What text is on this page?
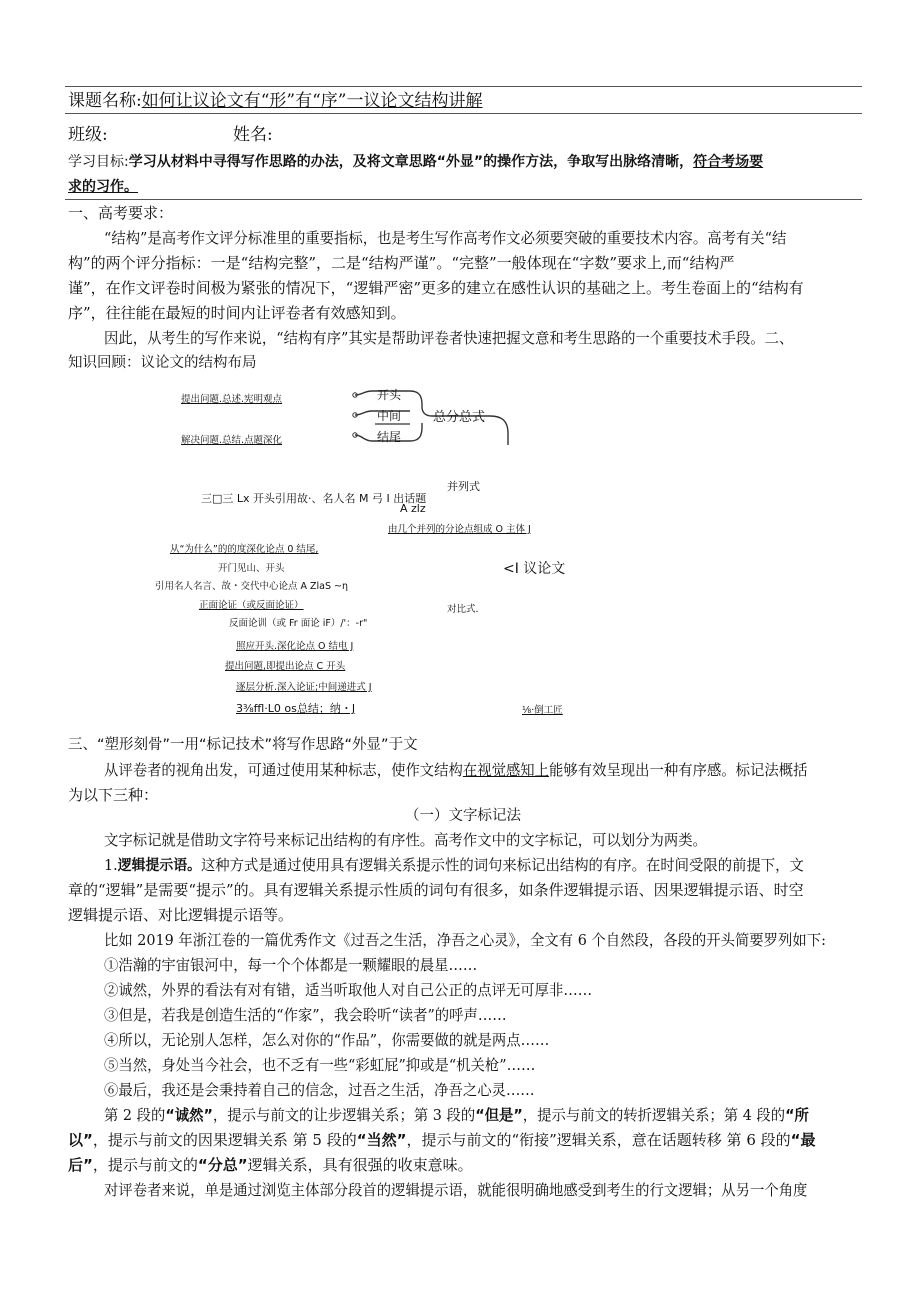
课题名称:如何让议论文有“形”有“序”一议论文结构讲解
班级:	姓名:
学习目标:学习从材料中寻得写作思路的办法，及将文章思路“外显”的操作方法，争取写出脉络清晰，符合考场要
求的习作。
一、高考要求：
“结构”是高考作文评分标准里的重要指标，也是考生写作高考作文必须要突破的重要技术内容。高考有关“结
构”的两个评分指标：一是“结构完整”，二是“结构严谨”。“完整”一般体现在“字数”要求上,而“结构严
谨”，在作文评卷时间极为紧张的情况下，“逻辑严密”更多的建立在感性认识的基础之上。考生卷面上的“结构有
序”，往往能在最短的时间内让评卷者有效感知到。
因此，从考生的写作来说，“结构有序”其实是帮助评卷者快速把握文意和考生思路的一个重要技术手段。二、
知识回顾：议论文的结构布局
提出问题.总述.宪明观点
解决问题.总结.点题深化
开头
中间
结尾
总分总式
并列式
三□三 Lx 开头引用故·、名人名 M 弓 I 出话题
A zlz
由几个并列的分论点组成 O 主体 J
从“为什么”的的度深化论点 0 结尾,
开门见山、开头	<I 议论文
引用名人名言、故・交代中心论点 A ZlaS ~η
正面论证（或反面论证）	对比式．
反面论训（或 Fr 面论 iF）/'：-r"
照应开头.深化论点 O 结电 J
提出问题,即提出论点 C 开头
逐层分析.深入论证;中间递进式 J
3⅜ffl·L0 os总结；纳・J	⅛·倒工匠
三、“塑形刻骨”一用“标记技术”将写作思路“外显”于文
从评卷者的视角出发，可通过使用某种标志，使作文结构在视觉感知上能够有效呈现出一种有序感。标记法概括
为以下三种：
（一）文字标记法
文字标记就是借助文字符号来标记出结构的有序性。高考作文中的文字标记，可以划分为两类。
1.逻辑提示语。这种方式是通过使用具有逻辑关系提示性的词句来标记出结构的有序。在时间受限的前提下，文
章的“逻辑”是需要“提示”的。具有逻辑关系提示性质的词句有很多，如条件逻辑提示语、因果逻辑提示语、时空
逻辑提示语、对比逻辑提示语等。
比如 2019 年浙江卷的一篇优秀作文《过吾之生活，净吾之心灵》，全文有 6 个自然段，各段的开头简要罗列如下:
①浩瀚的宇宙银河中，每一个个体都是一颗耀眼的晨星……
②诚然，外界的看法有对有错，适当听取他人对自己公正的点评无可厚非……
③但是，若我是创造生活的“作家”，我会聆听“读者”的呼声……
④所以，无论别人怎样，怎么对你的“作品”，你需要做的就是两点……
⑤当然，身处当今社会，也不乏有一些“彩虹屁”抑或是“机关枪”……
⑥最后，我还是会秉持着自己的信念，过吾之生活，净吾之心灵……
第 2 段的“诚然”，提示与前文的让步逻辑关系；第 3 段的“但是”，提示与前文的转折逻辑关系；第 4 段的“所
以”，提示与前文的因果逻辑关系 第 5 段的“当然”，提示与前文的“衔接”逻辑关系，意在话题转移 第 6 段的“最
后”，提示与前文的“分总”逻辑关系，具有很强的收束意味。
对评卷者来说，单是通过浏览主体部分段首的逻辑提示语，就能很明确地感受到考生的行文逻辑；从另一个角度
